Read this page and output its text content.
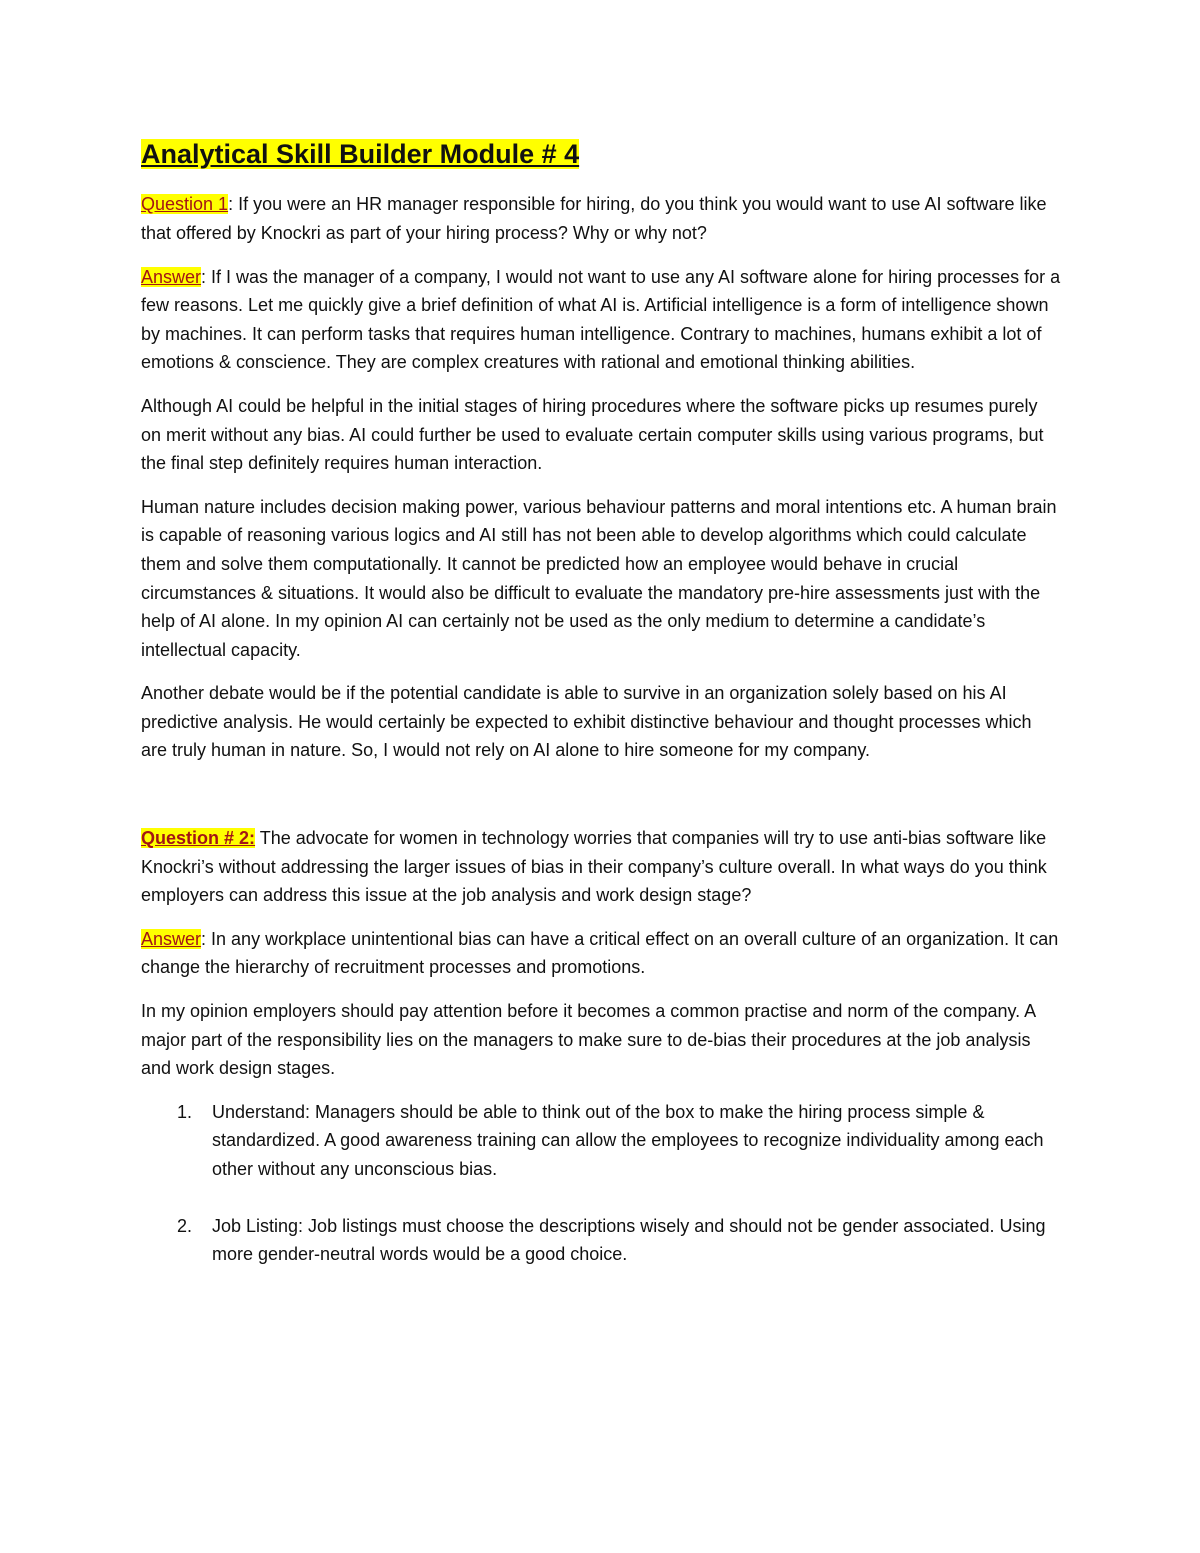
Analytical Skill Builder Module # 4

Question 1: If you were an HR manager responsible for hiring, do you think you would want to use AI software like that offered by Knockri as part of your hiring process? Why or why not?

Answer: If I was the manager of a company, I would not want to use any AI software alone for hiring processes for a few reasons. Let me quickly give a brief definition of what AI is. Artificial intelligence is a form of intelligence shown by machines. It can perform tasks that requires human intelligence. Contrary to machines, humans exhibit a lot of emotions & conscience. They are complex creatures with rational and emotional thinking abilities.

Although AI could be helpful in the initial stages of hiring procedures where the software picks up resumes purely on merit without any bias. AI could further be used to evaluate certain computer skills using various programs, but the final step definitely requires human interaction.

Human nature includes decision making power, various behaviour patterns and moral intentions etc. A human brain is capable of reasoning various logics and AI still has not been able to develop algorithms which could calculate them and solve them computationally. It cannot be predicted how an employee would behave in crucial circumstances & situations. It would also be difficult to evaluate the mandatory pre-hire assessments just with the help of AI alone. In my opinion AI can certainly not be used as the only medium to determine a candidate’s intellectual capacity.

Another debate would be if the potential candidate is able to survive in an organization solely based on his AI predictive analysis. He would certainly be expected to exhibit distinctive behaviour and thought processes which are truly human in nature. So, I would not rely on AI alone to hire someone for my company.

Question # 2: The advocate for women in technology worries that companies will try to use anti-bias software like Knockri’s without addressing the larger issues of bias in their company’s culture overall. In what ways do you think employers can address this issue at the job analysis and work design stage?

Answer: In any workplace unintentional bias can have a critical effect on an overall culture of an organization. It can change the hierarchy of recruitment processes and promotions.

In my opinion employers should pay attention before it becomes a common practise and norm of the company. A major part of the responsibility lies on the managers to make sure to de-bias their procedures at the job analysis and work design stages.

1. Understand: Managers should be able to think out of the box to make the hiring process simple & standardized. A good awareness training can allow the employees to recognize individuality among each other without any unconscious bias.
2. Job Listing: Job listings must choose the descriptions wisely and should not be gender associated. Using more gender-neutral words would be a good choice.
